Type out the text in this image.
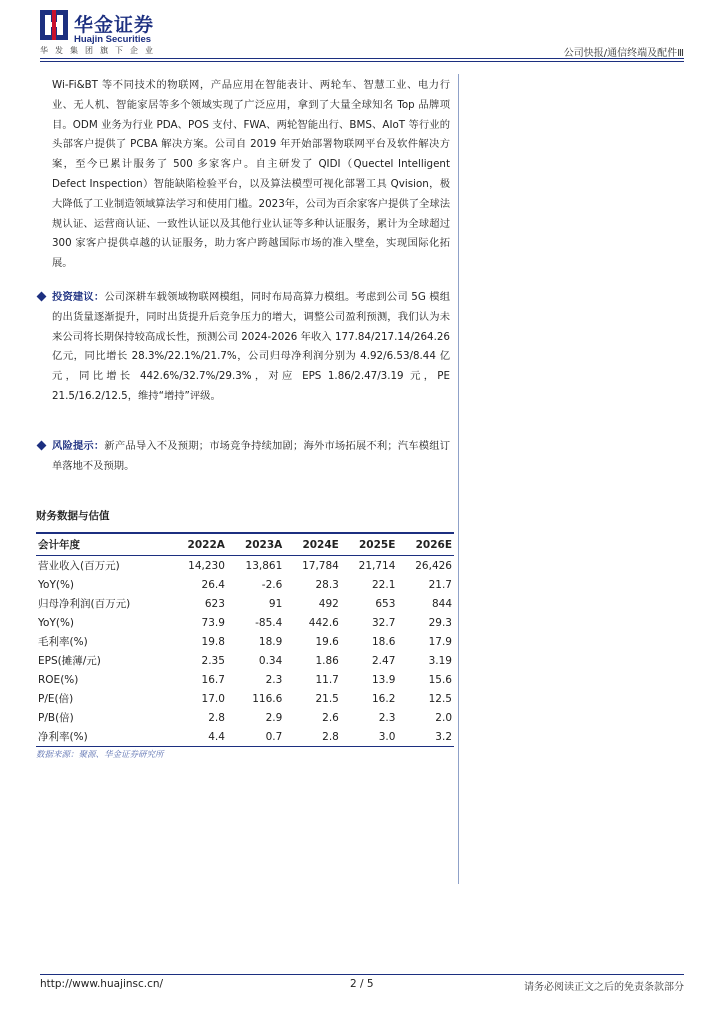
华金证券
Huajin Securities
华发集团旗下企业	公司快报/通信终端及配件Ⅲ

Wi-Fi&BT 等不同技术的物联网，产品应用在智能表计、两轮车、智慧工业、电力行业、无人机、智能家居等多个领域实现了广泛应用，拿到了大量全球知名 Top 品牌项目。ODM 业务为行业 PDA、POS 支付、FWA、两轮智能出行、BMS、AIoT 等行业的头部客户提供了 PCBA 解决方案。公司自 2019 年开始部署物联网平台及软件解决方案，至今已累计服务了 500 多家客户。自主研发了 QIDI（Quectel Intelligent Defect Inspection）智能缺陷检验平台，以及算法模型可视化部署工具 Qvision，极大降低了工业制造领域算法学习和使用门槛。2023年，公司为百余家客户提供了全球法规认证、运营商认证、一致性认证以及其他行业认证等多种认证服务，累计为全球超过 300 家客户提供卓越的认证服务，助力客户跨越国际市场的准入壁垒，实现国际化拓展。

投资建议：公司深耕车载领域物联网模组，同时布局高算力模组。考虑到公司 5G 模组的出货量逐渐提升，同时出货提升后竞争压力的增大，调整公司盈利预测，我们认为未来公司将长期保持较高成长性，预测公司 2024-2026 年收入 177.84/217.14/264.26 亿元，同比增长 28.3%/22.1%/21.7%，公司归母净利润分别为 4.92/6.53/8.44 亿元，同比增长 442.6%/32.7%/29.3%，对应 EPS 1.86/2.47/3.19 元，PE 21.5/16.2/12.5，维持“增持”评级。

风险提示：新产品导入不及预期；市场竞争持续加剧；海外市场拓展不利；汽车模组订单落地不及预期。

财务数据与估值
会计年度	2022A	2023A	2024E	2025E	2026E
营业收入(百万元)	14,230	13,861	17,784	21,714	26,426
YoY(%)	26.4	-2.6	28.3	22.1	21.7
归母净利润(百万元)	623	91	492	653	844
YoY(%)	73.9	-85.4	442.6	32.7	29.3
毛利率(%)	19.8	18.9	19.6	18.6	17.9
EPS(摊薄/元)	2.35	0.34	1.86	2.47	3.19
ROE(%)	16.7	2.3	11.7	13.9	15.6
P/E(倍)	17.0	116.6	21.5	16.2	12.5
P/B(倍)	2.8	2.9	2.6	2.3	2.0
净利率(%)	4.4	0.7	2.8	3.0	3.2
数据来源：聚源、华金证券研究所
http://www.huajinsc.cn/	2 / 5	请务必阅读正文之后的免责条款部分
